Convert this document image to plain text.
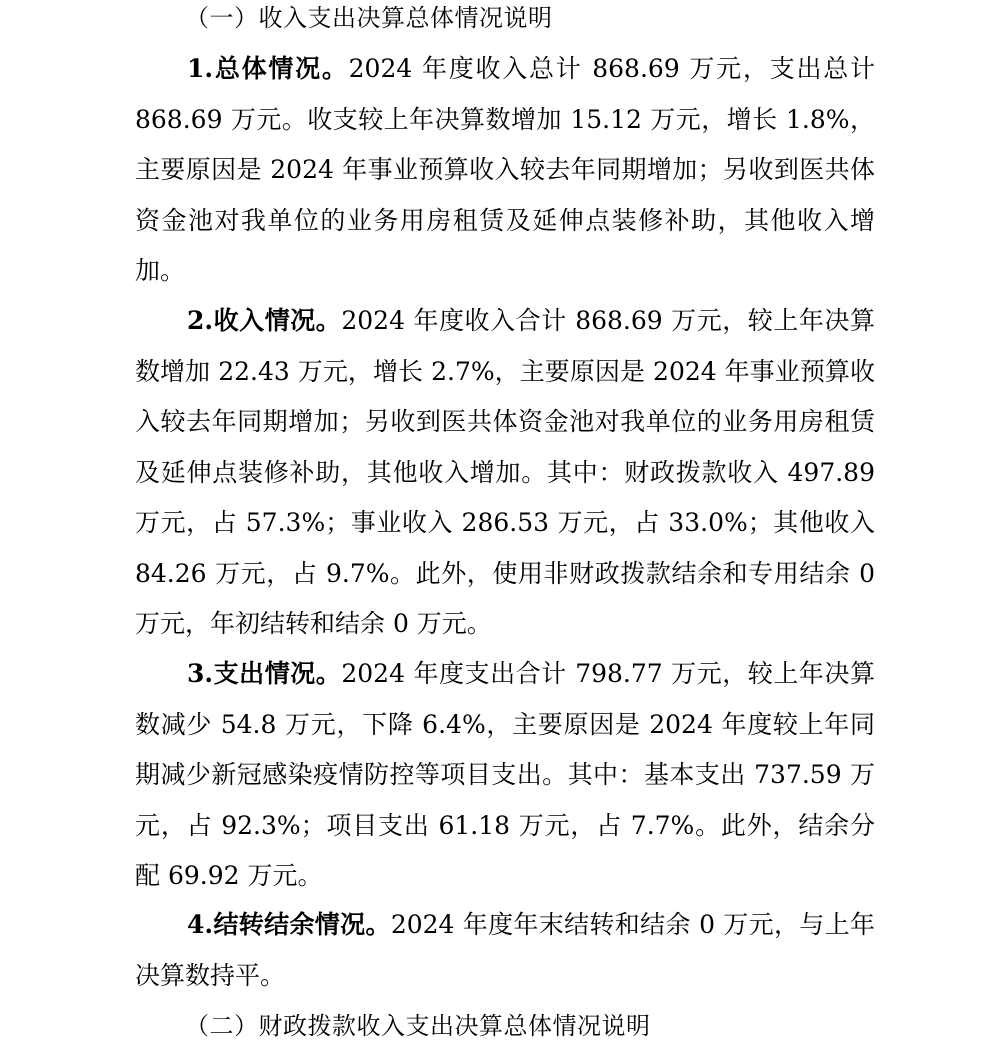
（一）收入支出决算总体情况说明

1.总体情况。2024 年度收入总计 868.69 万元，支出总计 868.69 万元。收支较上年决算数增加 15.12 万元，增长 1.8%，主要原因是 2024 年事业预算收入较去年同期增加；另收到医共体资金池对我单位的业务用房租赁及延伸点装修补助，其他收入增加。

2.收入情况。2024 年度收入合计 868.69 万元，较上年决算数增加 22.43 万元，增长 2.7%，主要原因是 2024 年事业预算收入较去年同期增加；另收到医共体资金池对我单位的业务用房租赁及延伸点装修补助，其他收入增加。其中：财政拨款收入 497.89 万元，占 57.3%；事业收入 286.53 万元，占 33.0%；其他收入 84.26 万元，占 9.7%。此外，使用非财政拨款结余和专用结余 0 万元，年初结转和结余 0 万元。

3.支出情况。2024 年度支出合计 798.77 万元，较上年决算数减少 54.8 万元，下降 6.4%，主要原因是 2024 年度较上年同期减少新冠感染疫情防控等项目支出。其中：基本支出 737.59 万元，占 92.3%；项目支出 61.18 万元，占 7.7%。此外，结余分配 69.92 万元。

4.结转结余情况。2024 年度年末结转和结余 0 万元，与上年决算数持平。

（二）财政拨款收入支出决算总体情况说明
